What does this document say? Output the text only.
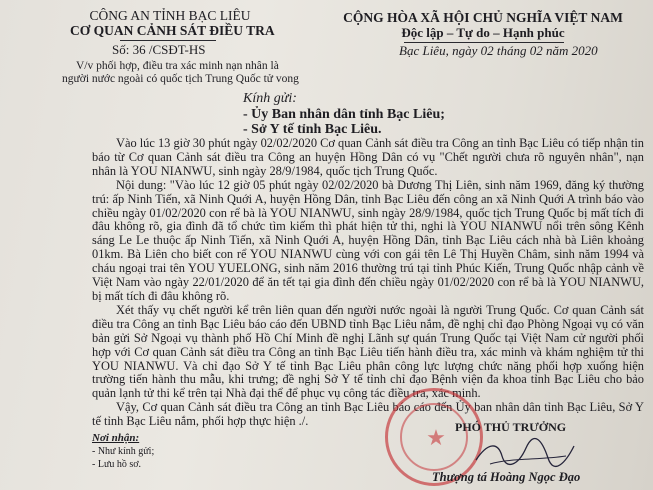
CÔNG AN TỈNH BẠC LIÊU
CƠ QUAN CẢNH SÁT ĐIỀU TRA
Số: 36 /CSĐT-HS
V/v phối hợp, điều tra xác minh nạn nhân là
người nước ngoài có quốc tịch Trung Quốc tử vong
CỘNG HÒA XÃ HỘI CHỦ NGHĨA VIỆT NAM
Độc lập – Tự do – Hạnh phúc
Bạc Liêu, ngày 02 tháng 02 năm 2020
Kính gửi:
- Ủy Ban nhân dân tỉnh Bạc Liêu;
- Sở Y tế tỉnh Bạc Liêu.

Vào lúc 13 giờ 30 phút ngày 02/02/2020 Cơ quan Cảnh sát điều tra Công an tỉnh Bạc Liêu có tiếp nhận tin báo từ Cơ quan Cảnh sát điều tra Công an huyện Hồng Dân có vụ "Chết người chưa rõ nguyên nhân", nạn nhân là YOU NIANWU, sinh ngày 28/9/1984, quốc tịch Trung Quốc.

Nội dung: "Vào lúc 12 giờ 05 phút ngày 02/02/2020 bà Dương Thị Liên, sinh năm 1969, đăng ký thường trú: ấp Ninh Tiến, xã Ninh Quới A, huyện Hồng Dân, tỉnh Bạc Liêu đến công an xã Ninh Quới A trình báo vào chiều ngày 01/02/2020 con rể bà là YOU NIANWU, sinh ngày 28/9/1984, quốc tịch Trung Quốc bị mất tích đi đâu không rõ, gia đình đã tổ chức tìm kiếm thì phát hiện tử thi, nghi là YOU NIANWU nổi trên sông Kênh sáng Le Le thuộc ấp Ninh Tiến, xã Ninh Quới A, huyện Hồng Dân, tỉnh Bạc Liêu cách nhà bà Liên khoảng 01km. Bà Liên cho biết con rể YOU NIANWU cùng với con gái tên Lê Thị Huyền Châm, sinh năm 1994 và cháu ngoại trai tên YOU YUELONG, sinh năm 2016 thường trú tại tỉnh Phúc Kiến, Trung Quốc nhập cảnh về Việt Nam vào ngày 22/01/2020 để ăn tết tại gia đình đến chiều ngày 01/02/2020 con rể bà là YOU NIANWU, bị mất tích đi đâu không rõ.

Xét thấy vụ chết người kể trên liên quan đến người nước ngoài là người Trung Quốc. Cơ quan Cảnh sát điều tra Công an tỉnh Bạc Liêu báo cáo đến UBND tỉnh Bạc Liêu nắm, đề nghị chỉ đạo Phòng Ngoại vụ có văn bản gửi Sở Ngoại vụ thành phố Hồ Chí Minh đề nghị Lãnh sự quán Trung Quốc tại Việt Nam cử người phối hợp với Cơ quan Cảnh sát điều tra Công an tỉnh Bạc Liêu tiến hành điều tra, xác minh và khám nghiệm tử thi YOU NIANWU. Và chỉ đạo Sở Y tế tỉnh Bạc Liêu phân công lực lượng chức năng phối hợp xuống hiện trường tiến hành thu mẫu, khi trưng; đề nghị Sở Y tế tỉnh chỉ đạo Bệnh viện đa khoa tỉnh Bạc Liêu cho bảo quản lạnh tử thi kể trên tại Nhà đại thể để phục vụ công tác điều tra, xác minh.

Vậy, Cơ quan Cảnh sát điều tra Công an tỉnh Bạc Liêu báo cáo đến Ủy ban nhân dân tỉnh Bạc Liêu, Sở Y tế tỉnh Bạc Liêu nắm, phối hợp thực hiện ./.

Nơi nhận:
- Như kính gửi;
- Lưu hồ sơ.
★ PHÓ THỦ TRƯỞNG
Thượng tá Hoàng Ngọc Đạo
